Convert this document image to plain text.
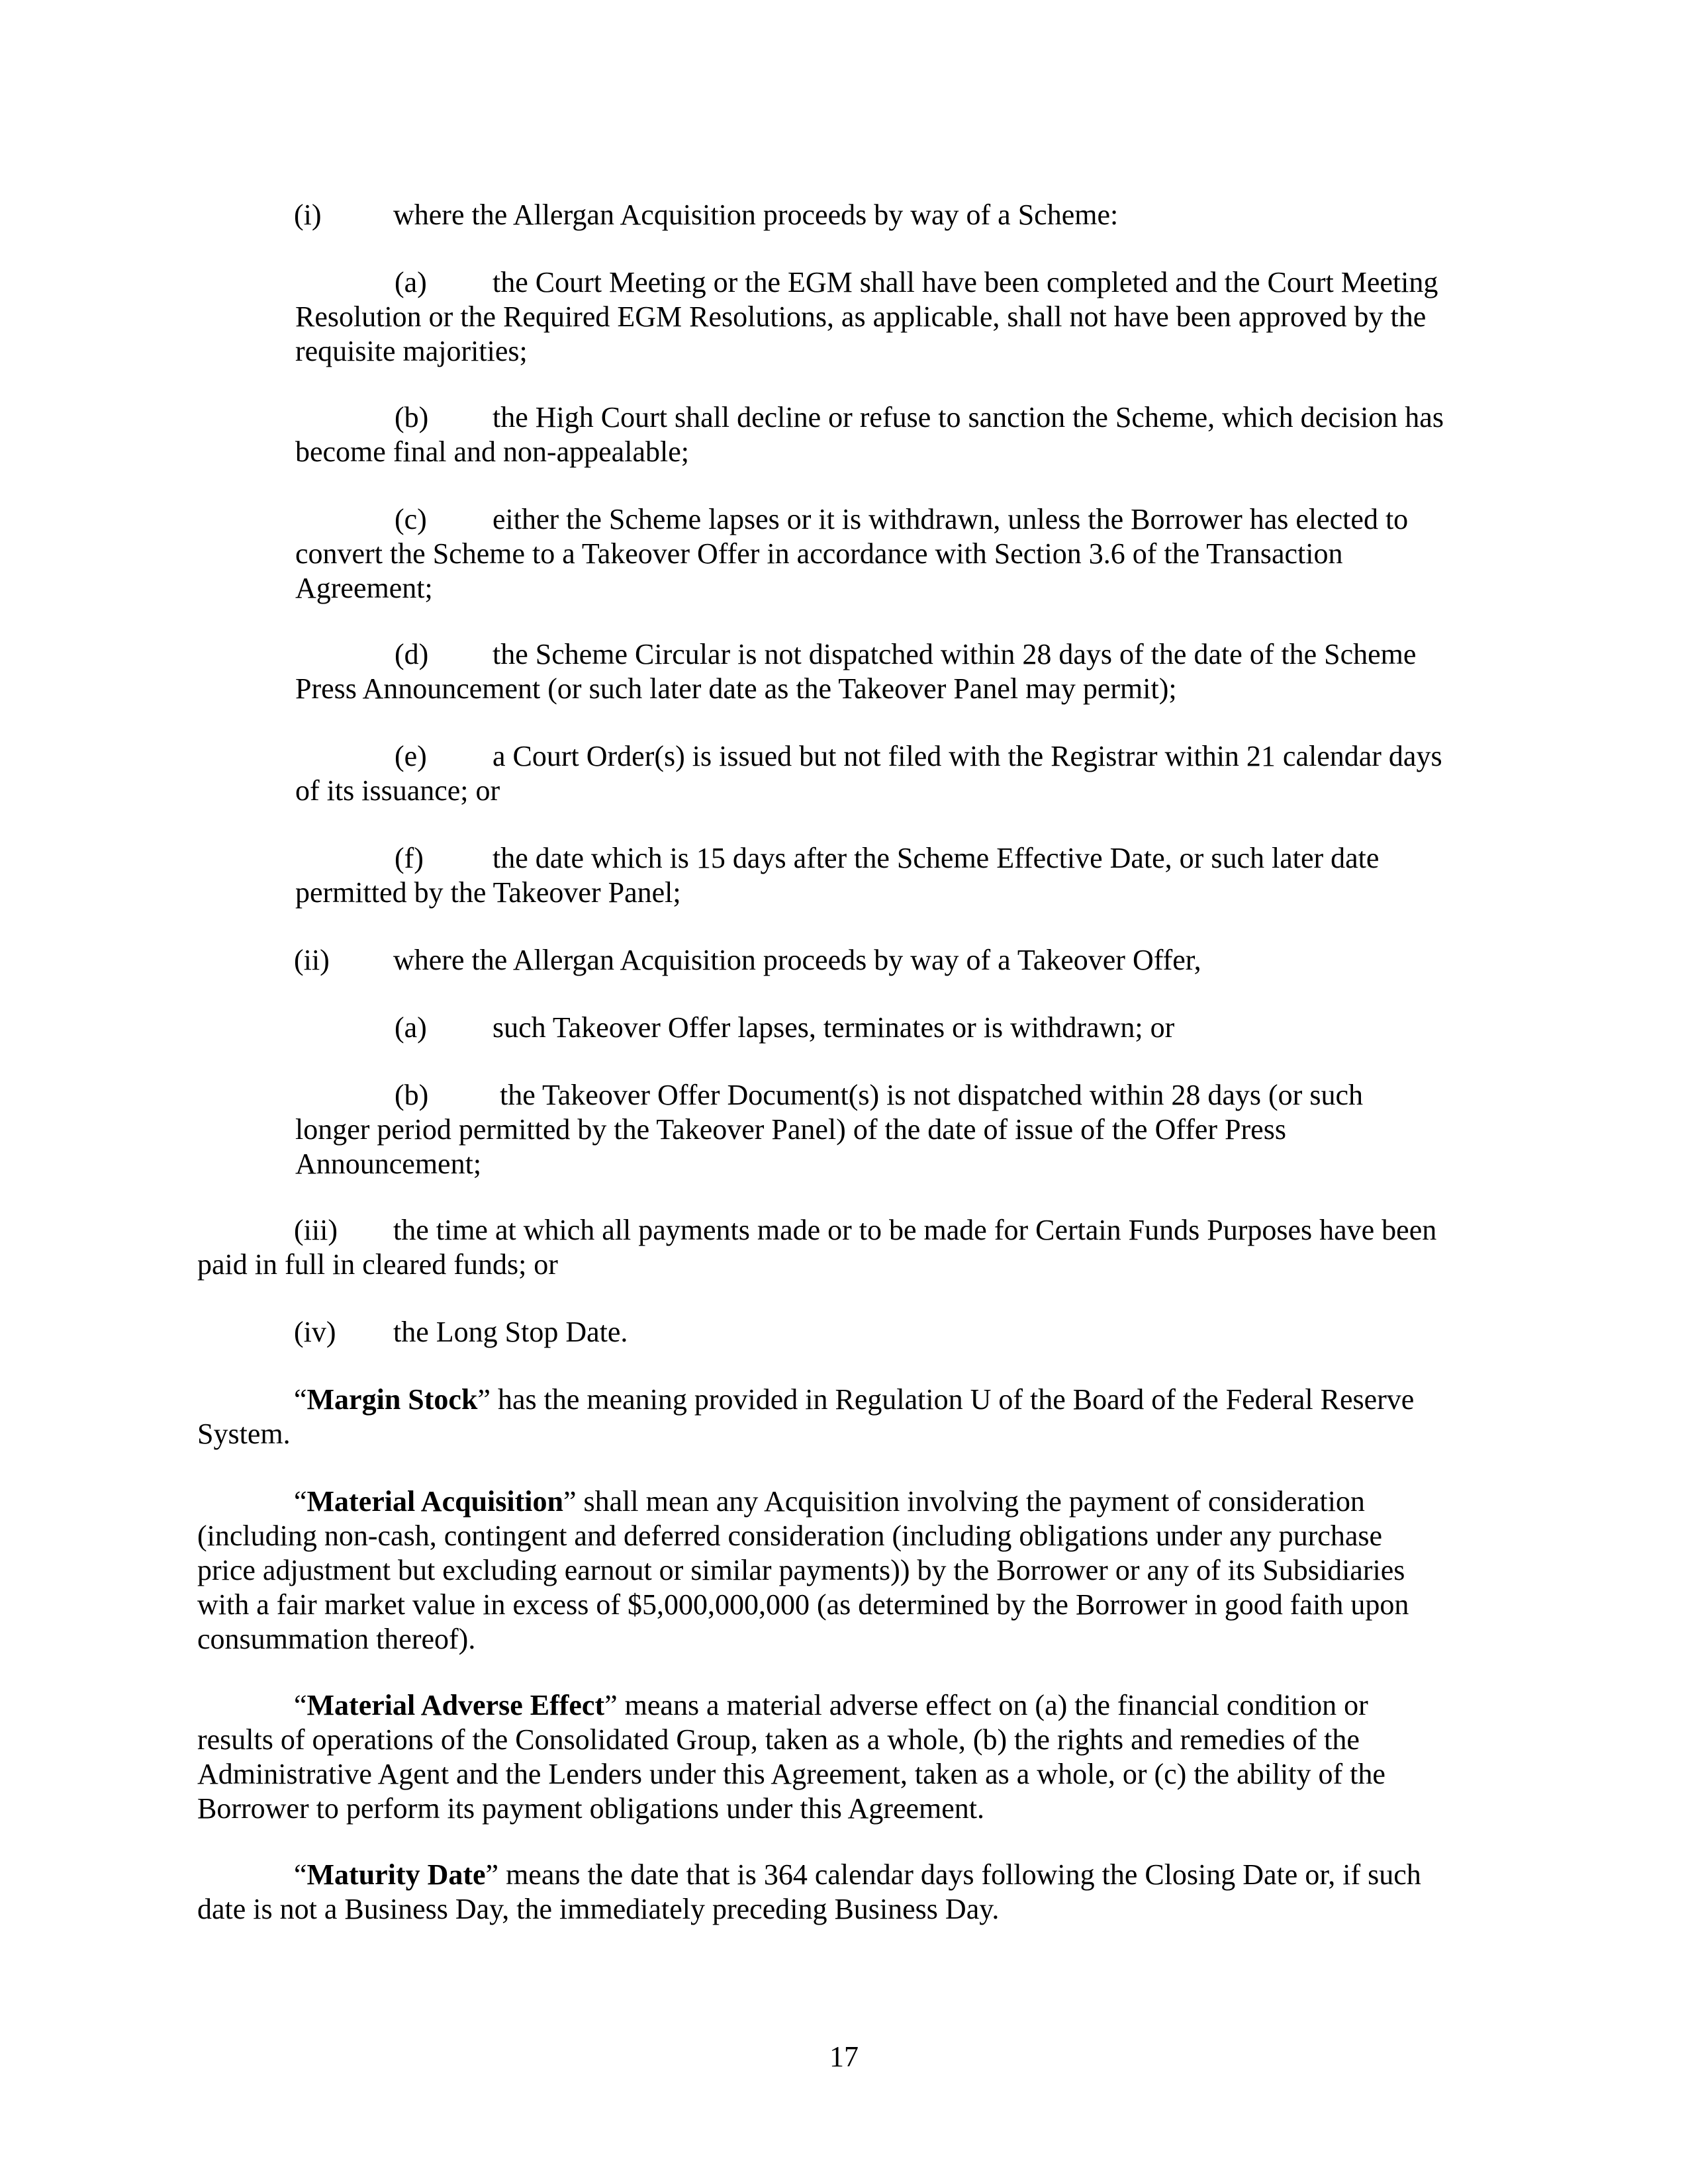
(i) where the Allergan Acquisition proceeds by way of a Scheme:
(a) the Court Meeting or the EGM shall have been completed and the Court Meeting
Resolution or the Required EGM Resolutions, as applicable, shall not have been approved by the
requisite majorities;
(b) the High Court shall decline or refuse to sanction the Scheme, which decision has
become final and non-appealable;
(c) either the Scheme lapses or it is withdrawn, unless the Borrower has elected to
convert the Scheme to a Takeover Offer in accordance with Section 3.6 of the Transaction
Agreement;
(d) the Scheme Circular is not dispatched within 28 days of the date of the Scheme
Press Announcement (or such later date as the Takeover Panel may permit);
(e) a Court Order(s) is issued but not filed with the Registrar within 21 calendar days
of its issuance; or
(f) the date which is 15 days after the Scheme Effective Date, or such later date
permitted by the Takeover Panel;
(ii) where the Allergan Acquisition proceeds by way of a Takeover Offer,
(a) such Takeover Offer lapses, terminates or is withdrawn; or
(b) the Takeover Offer Document(s) is not dispatched within 28 days (or such
longer period permitted by the Takeover Panel) of the date of issue of the Offer Press
Announcement;
(iii) the time at which all payments made or to be made for Certain Funds Purposes have been
paid in full in cleared funds; or
(iv) the Long Stop Date.
“Margin Stock” has the meaning provided in Regulation U of the Board of the Federal Reserve
System.
“Material Acquisition” shall mean any Acquisition involving the payment of consideration
(including non-cash, contingent and deferred consideration (including obligations under any purchase
price adjustment but excluding earnout or similar payments)) by the Borrower or any of its Subsidiaries
with a fair market value in excess of $5,000,000,000 (as determined by the Borrower in good faith upon
consummation thereof).
“Material Adverse Effect” means a material adverse effect on (a) the financial condition or
results of operations of the Consolidated Group, taken as a whole, (b) the rights and remedies of the
Administrative Agent and the Lenders under this Agreement, taken as a whole, or (c) the ability of the
Borrower to perform its payment obligations under this Agreement.
“Maturity Date” means the date that is 364 calendar days following the Closing Date or, if such
date is not a Business Day, the immediately preceding Business Day.
17
